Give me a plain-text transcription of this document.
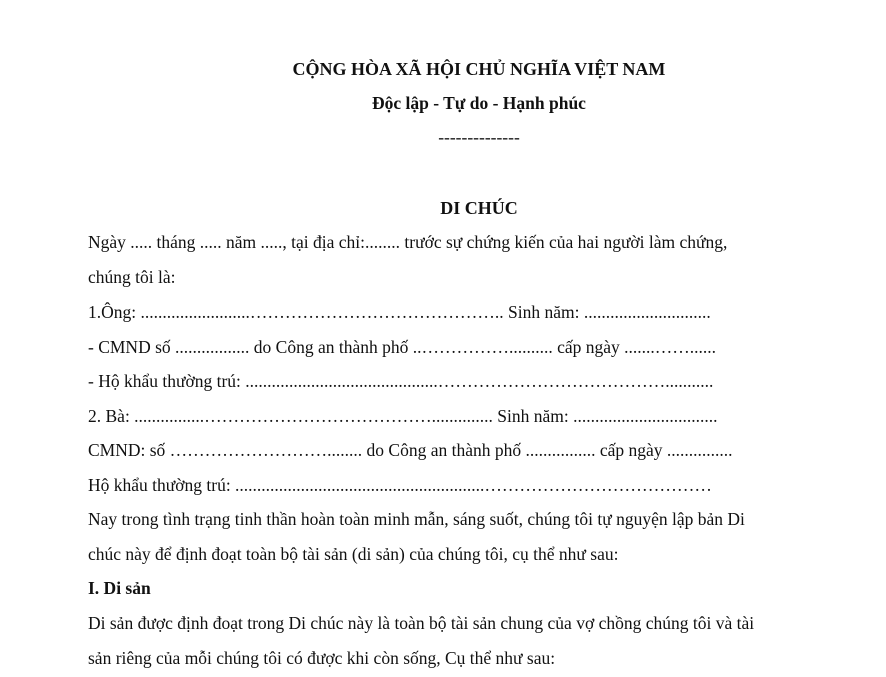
CỘNG HÒA XÃ HỘI CHỦ NGHĨA VIỆT NAM
Độc lập - Tự do - Hạnh phúc
--------------
DI CHÚC
Ngày ..... tháng ..... năm ....., tại địa chỉ:........ trước sự chứng kiến của hai người làm chứng,
chúng tôi là:
1.Ông: .........................…………………………………….. Sinh năm: .............................
- CMND số ................. do Công an thành phố ..…………….......... cấp ngày .......……......
- Hộ khẩu thường trú: ............................................…………………………………...........
2. Bà: ................………………………………….............. Sinh năm: .................................
CMND: số ………………………........ do Công an thành phố ................ cấp ngày ...............
Hộ khẩu thường trú: .........................................................…………………………………
Nay trong tình trạng tinh thần hoàn toàn minh mẫn, sáng suốt, chúng tôi tự nguyện lập bản Di
chúc này để định đoạt toàn bộ tài sản (di sản) của chúng tôi, cụ thể như sau:
I. Di sản
Di sản được định đoạt trong Di chúc này là toàn bộ tài sản chung của vợ chồng chúng tôi và tài
sản riêng của mỗi chúng tôi có được khi còn sống, Cụ thể như sau:
